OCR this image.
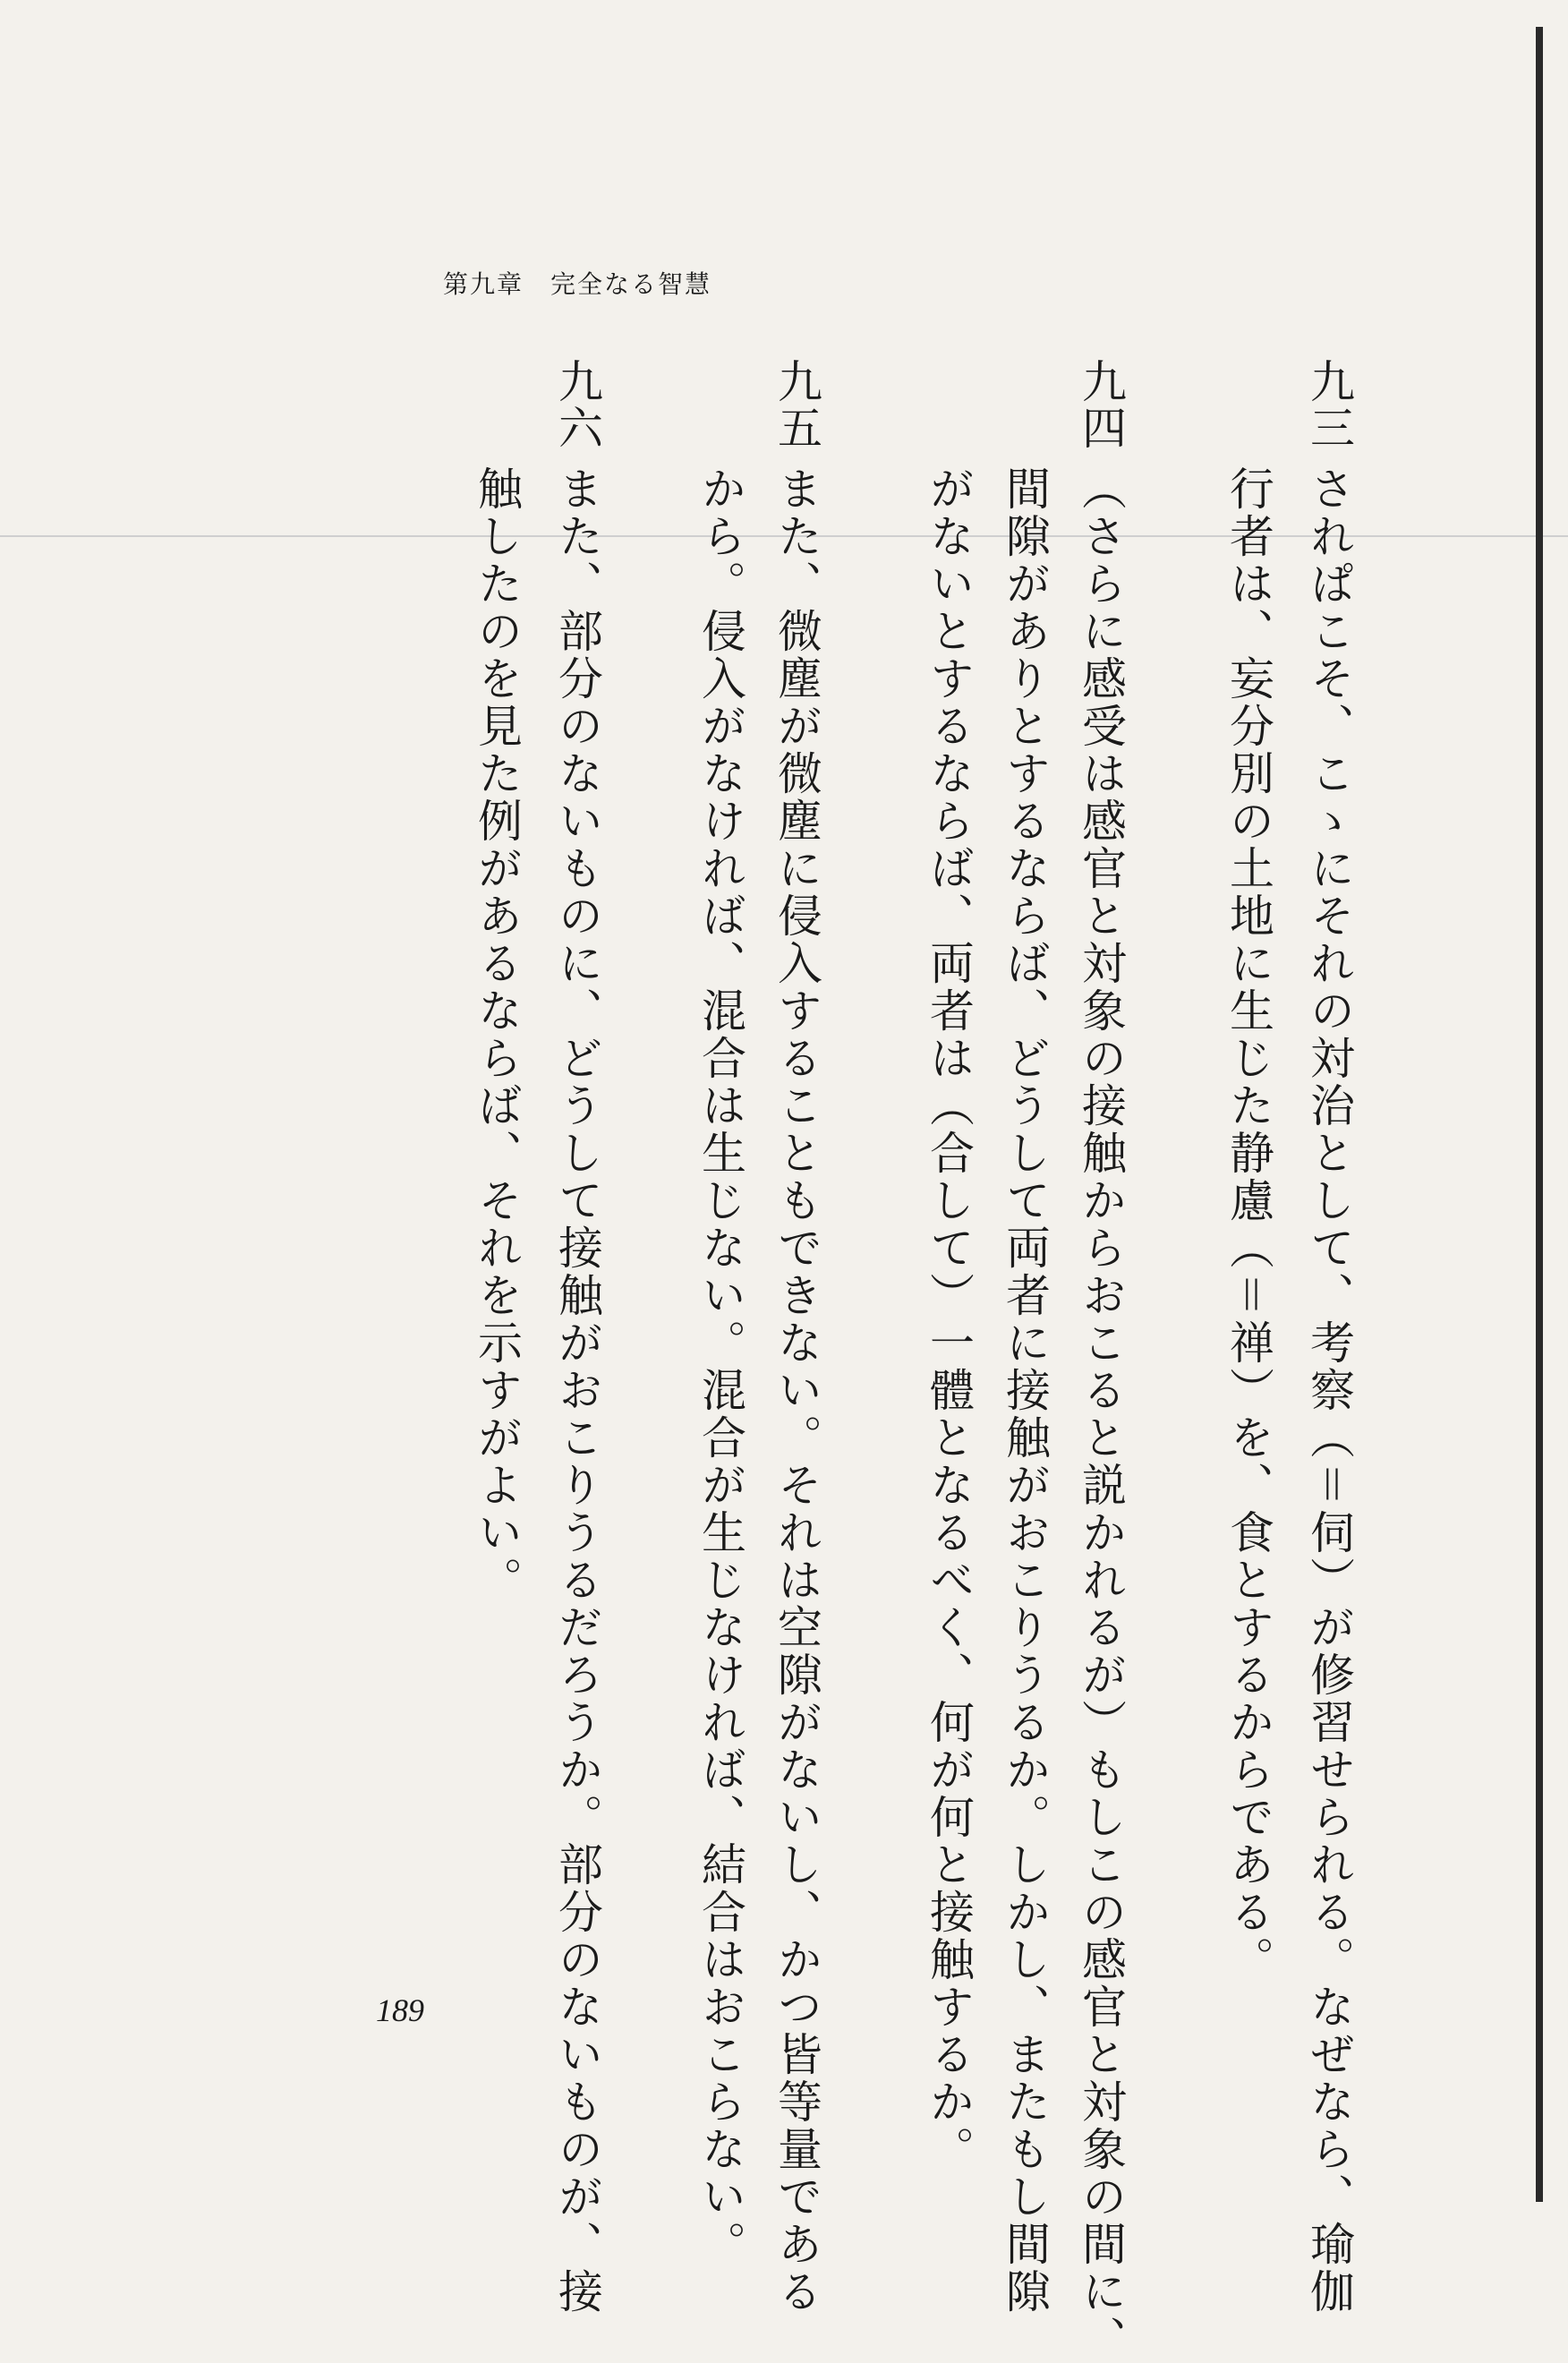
第九章　完全なる智慧
九三
されぱこそ、こゝにそれの対治として、考察（＝伺）が修習せられる。なぜなら、瑜伽
行者は、妄分別の土地に生じた静慮（＝禅）を、食とするからである。
九四
（さらに感受は感官と対象の接触からおこると説かれるが）もしこの感官と対象の間に、
間隙がありとするならば、どうして両者に接触がおこりうるか。しかし、またもし間隙
がないとするならば、両者は（合して）一體となるべく、何が何と接触するか。
九五
また、微塵が微塵に侵入することもできない。それは空隙がないし、かつ皆等量である
から。侵入がなければ、混合は生じない。混合が生じなければ、結合はおこらない。
九六
また、部分のないものに、どうして接触がおこりうるだろうか。部分のないものが、接
触したのを見た例があるならば、それを示すがよい。
189
